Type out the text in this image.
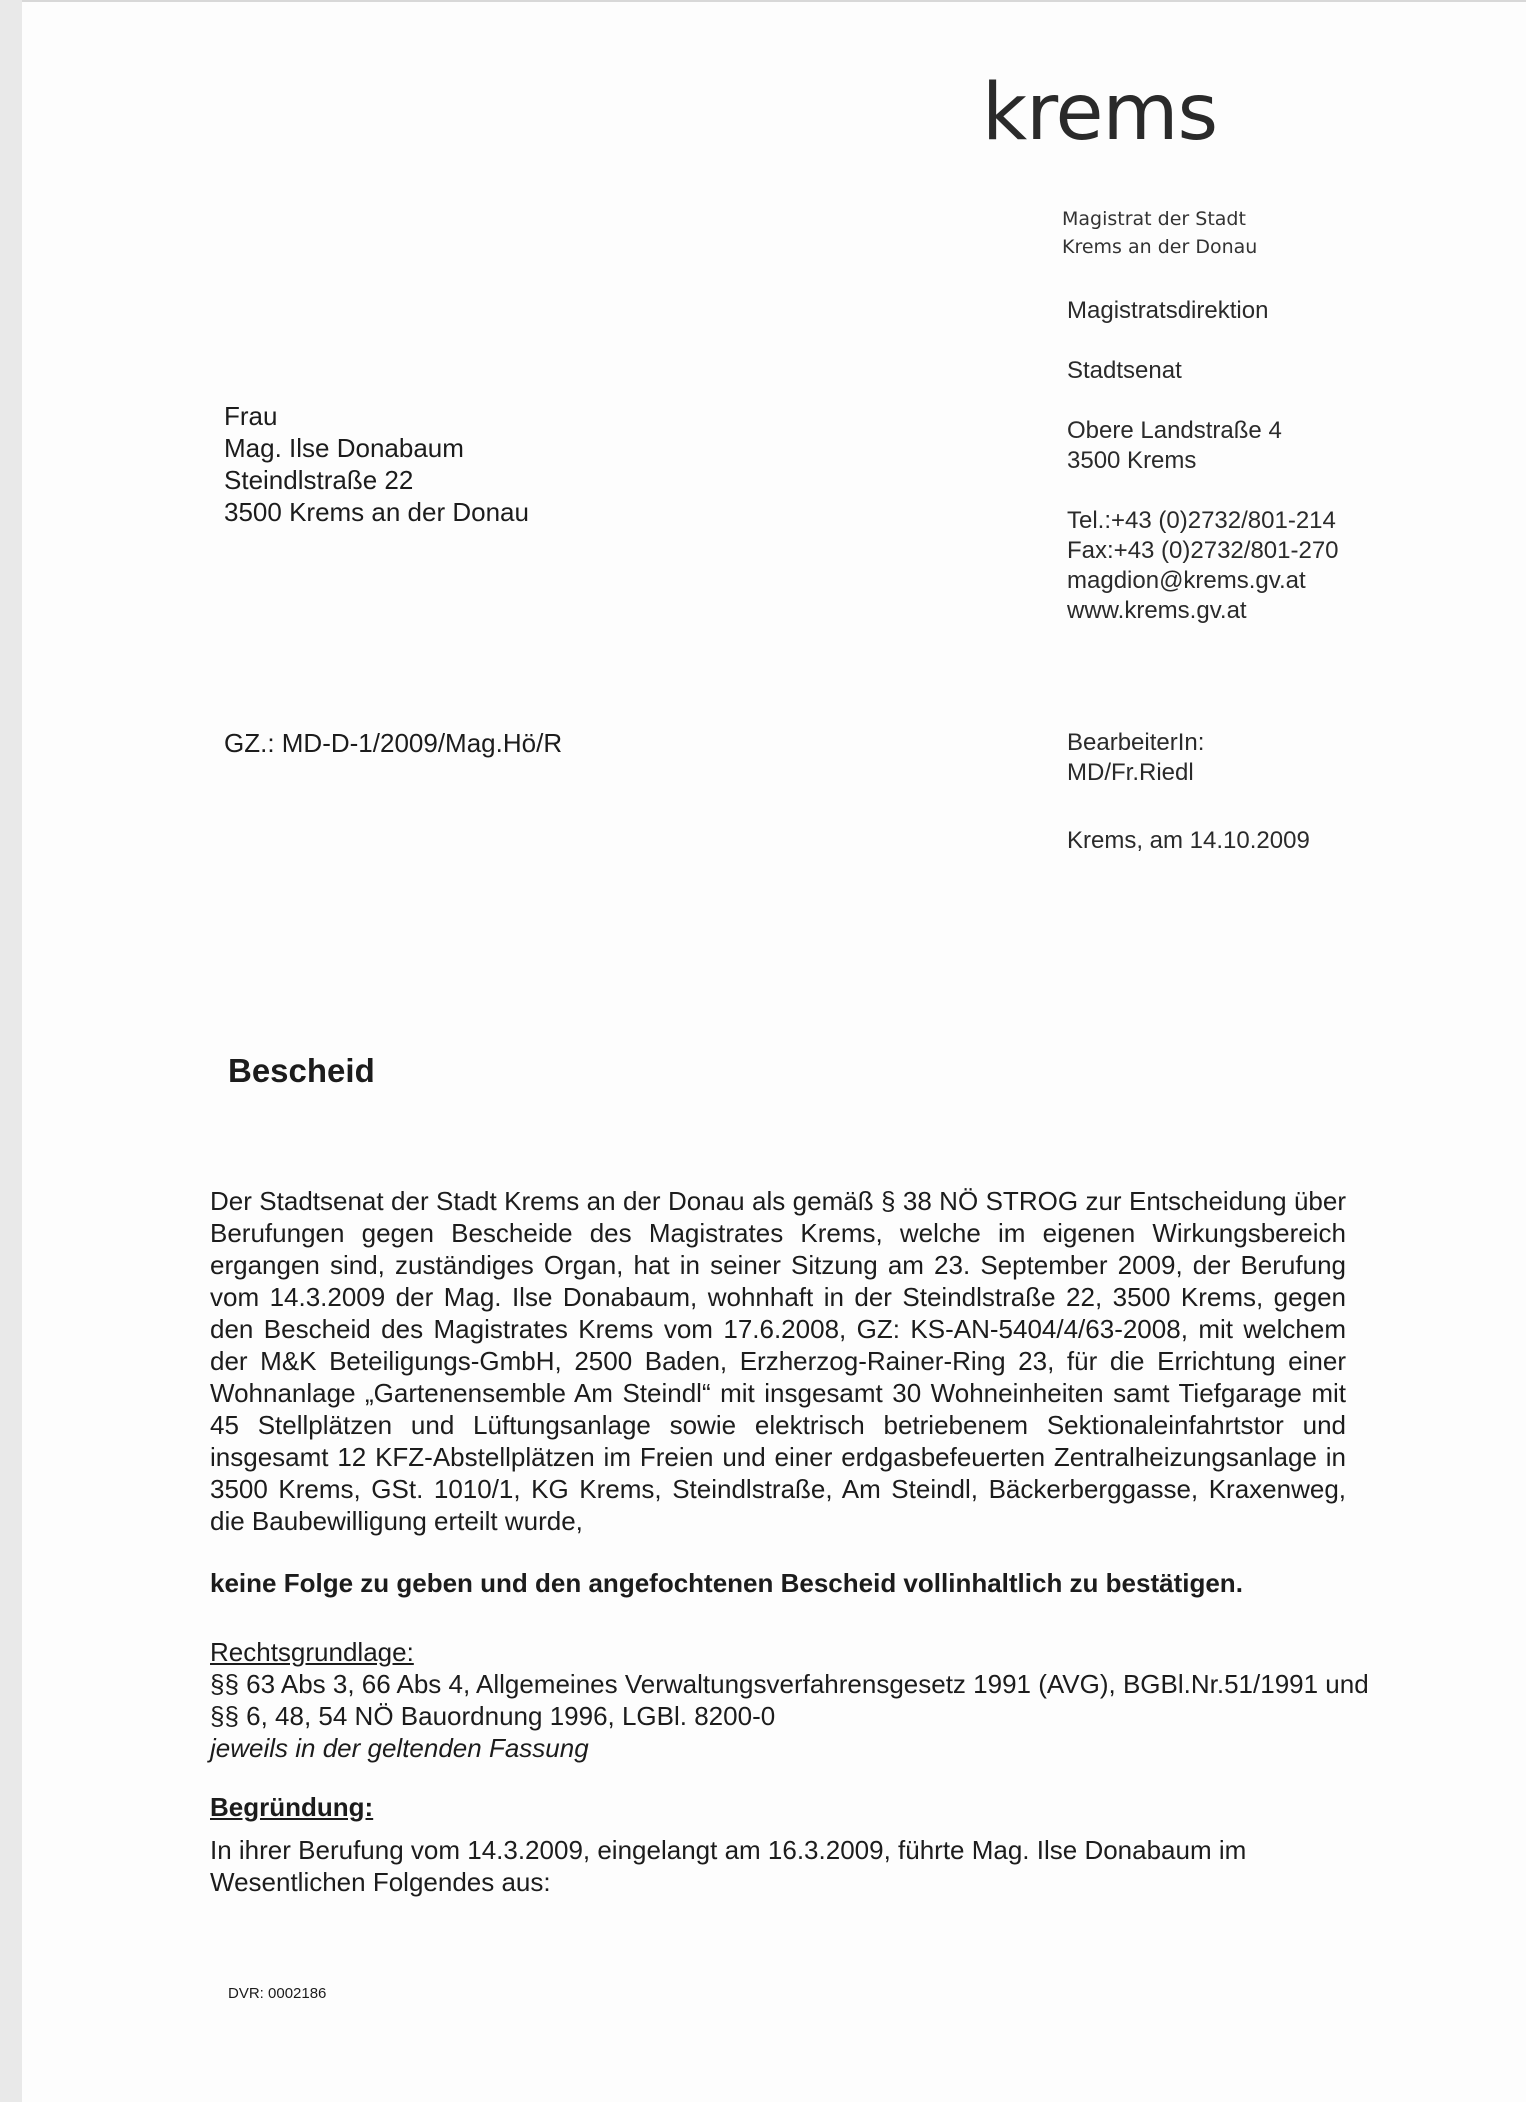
krems
Magistrat der Stadt
Krems an der Donau
Magistratsdirektion
Stadtsenat
Obere Landstraße 4
3500 Krems
Tel.:+43 (0)2732/801-214
Fax:+43 (0)2732/801-270
magdion@krems.gv.at
www.krems.gv.at
Frau
Mag. Ilse Donabaum
Steindlstraße 22
3500 Krems an der Donau
GZ.: MD-D-1/2009/Mag.Hö/R	BearbeiterIn:
MD/Fr.Riedl
Krems, am 14.10.2009
Bescheid
Der Stadtsenat der Stadt Krems an der Donau als gemäß § 38 NÖ STROG zur Entscheidung über Berufungen gegen Bescheide des Magistrates Krems, welche im eigenen Wirkungsbereich ergangen sind, zuständiges Organ, hat in seiner Sitzung am 23. September 2009, der Berufung vom 14.3.2009 der Mag. Ilse Donabaum, wohnhaft in der Steindlstraße 22, 3500 Krems, gegen den Bescheid des Magistrates Krems vom 17.6.2008, GZ: KS-AN-5404/4/63-2008, mit welchem der M&K Beteiligungs-GmbH, 2500 Baden, Erzherzog-Rainer-Ring 23, für die Errichtung einer Wohnanlage „Gartenensemble Am Steindl“ mit insgesamt 30 Wohneinheiten samt Tiefgarage mit 45 Stellplätzen und Lüftungsanlage sowie elektrisch betriebenem Sektionaleinfahrtstor und insgesamt 12 KFZ-Abstellplätzen im Freien und einer erdgasbefeuerten Zentralheizungsanlage in 3500 Krems, GSt. 1010/1, KG Krems, Steindlstraße, Am Steindl, Bäckerberggasse, Kraxenweg, die Baubewilligung erteilt wurde,
keine Folge zu geben und den angefochtenen Bescheid vollinhaltlich zu bestätigen.
Rechtsgrundlage:
§§ 63 Abs 3, 66 Abs 4, Allgemeines Verwaltungsverfahrensgesetz 1991 (AVG), BGBl.Nr.51/1991 und
§§ 6, 48, 54 NÖ Bauordnung 1996, LGBl. 8200-0
jeweils in der geltenden Fassung
Begründung:
In ihrer Berufung vom 14.3.2009, eingelangt am 16.3.2009, führte Mag. Ilse Donabaum im Wesentlichen Folgendes aus:
DVR: 0002186
